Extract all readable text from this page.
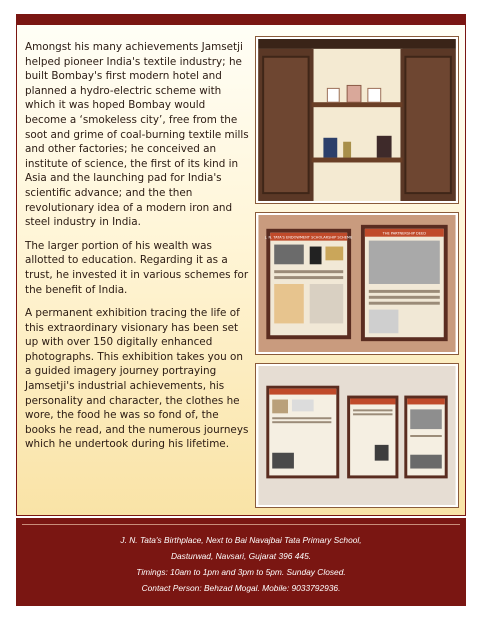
Amongst his many achievements Jamsetji helped pioneer India's textile industry; he built Bombay's first modern hotel and planned a hydro-electric scheme with which it was hoped Bombay would become a ‘smokeless city’, free from the soot and grime of coal-burning textile mills and other factories; he conceived an institute of science, the first of its kind in Asia and the launching pad for India's scientific advance; and the then revolutionary idea of a modern iron and steel industry in India.

The larger portion of his wealth was allotted to education. Regarding it as a trust, he invested it in various schemes for the benefit of India.

A permanent exhibition tracing the life of this extraordinary visionary has been set up with over 150 digitally enhanced photographs. This exhibition takes you on a guided imagery journey portraying Jamsetji's industrial achievements, his personality and character, the clothes he wore, the food he was so fond of, the books he read, and the numerous journeys which he undertook during his lifetime.

J. N. TATA'S ENDOWMENT SCHOLARSHIP SCHEME
THE PARTNERSHIP DEED
J. N. Tata's Birthplace, Next to Bai Navajbai Tata Primary School,
Dasturwad, Navsari, Gujarat 396 445.
Timings: 10am to 1pm and 3pm to 5pm. Sunday Closed.
Contact Person: Behzad Mogal. Mobile: 9033792936.
